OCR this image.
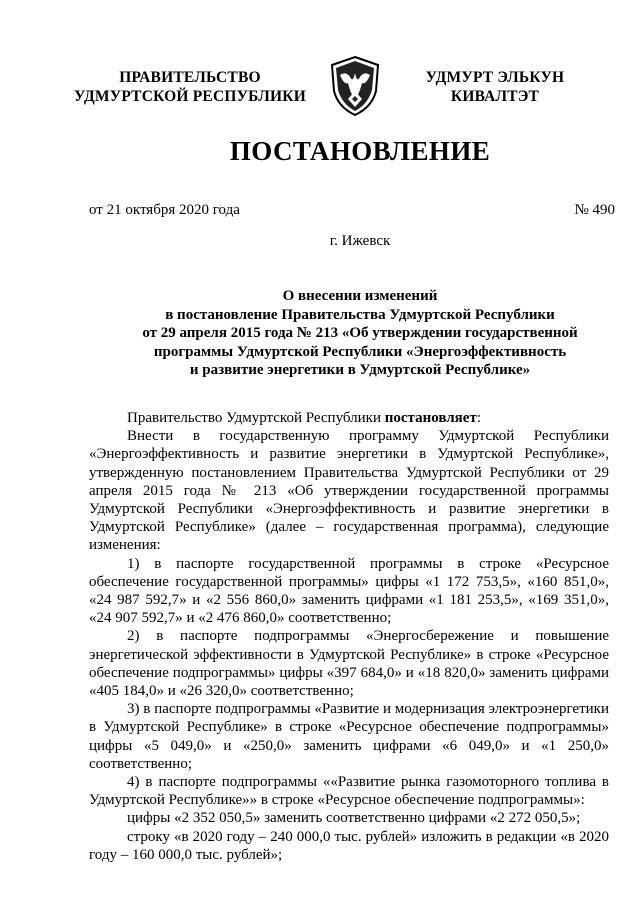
ПРАВИТЕЛЬСТВО
УДМУРТСКОЙ РЕСПУБЛИКИ
УДМУРТ ЭЛЬКУН
КИВАЛТЭТ
ПОСТАНОВЛЕНИЕ
от 21 октября 2020 года	№ 490
г. Ижевск
О внесении изменений
в постановление Правительства Удмуртской Республики
от 29 апреля 2015 года № 213 «Об утверждении государственной
программы Удмуртской Республики «Энергоэффективность
и развитие энергетики в Удмуртской Республике»

Правительство Удмуртской Республики постановляет:

Внести в государственную программу Удмуртской Республики «Энергоэффективность и развитие энергетики в Удмуртской Республике», утвержденную постановлением Правительства Удмуртской Республики от 29 апреля 2015 года № 213 «Об утверждении государственной программы Удмуртской Республики «Энергоэффективность и развитие энергетики в Удмуртской Республике» (далее – государственная программа), следующие изменения:

1) в паспорте государственной программы в строке «Ресурсное обеспечение государственной программы» цифры «1 172 753,5», «160 851,0», «24 987 592,7» и «2 556 860,0» заменить цифрами «1 181 253,5», «169 351,0», «24 907 592,7» и «2 476 860,0» соответственно;

2) в паспорте подпрограммы «Энергосбережение и повышение энергетической эффективности в Удмуртской Республике» в строке «Ресурсное обеспечение подпрограммы» цифры «397 684,0» и «18 820,0» заменить цифрами «405 184,0» и «26 320,0» соответственно;

3) в паспорте подпрограммы «Развитие и модернизация электроэнергетики в Удмуртской Республике» в строке «Ресурсное обеспечение подпрограммы» цифры «5 049,0» и «250,0» заменить цифрами «6 049,0» и «1 250,0» соответственно;

4) в паспорте подпрограммы ««Развитие рынка газомоторного топлива в Удмуртской Республике»» в строке «Ресурсное обеспечение подпрограммы»:

цифры «2 352 050,5» заменить соответственно цифрами «2 272 050,5»;

строку «в 2020 году – 240 000,0 тыс. рублей» изложить в редакции «в 2020 году – 160 000,0 тыс. рублей»;
